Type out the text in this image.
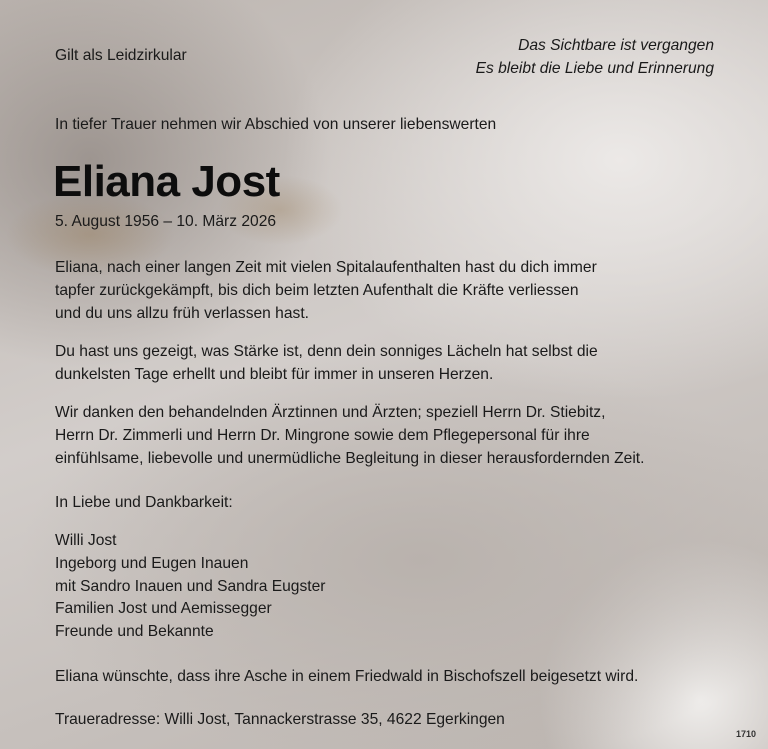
Gilt als Leidzirkular
Das Sichtbare ist vergangen
Es bleibt die Liebe und Erinnerung
In tiefer Trauer nehmen wir Abschied von unserer liebenswerten
Eliana Jost
5. August 1956 – 10. März 2026
Eliana, nach einer langen Zeit mit vielen Spitalaufenthalten hast du dich immer
tapfer zurückgekämpft, bis dich beim letzten Aufenthalt die Kräfte verliessen
und du uns allzu früh verlassen hast.
Du hast uns gezeigt, was Stärke ist, denn dein sonniges Lächeln hat selbst die
dunkelsten Tage erhellt und bleibt für immer in unseren Herzen.
Wir danken den behandelnden Ärztinnen und Ärzten; speziell Herrn Dr. Stiebitz,
Herrn Dr. Zimmerli und Herrn Dr. Mingrone sowie dem Pflegepersonal für ihre
einfühlsame, liebevolle und unermüdliche Begleitung in dieser herausfordernden Zeit.
In Liebe und Dankbarkeit:
Willi Jost
Ingeborg und Eugen Inauen
mit Sandro Inauen und Sandra Eugster
Familien Jost und Aemissegger
Freunde und Bekannte
Eliana wünschte, dass ihre Asche in einem Friedwald in Bischofszell beigesetzt wird.
Traueradresse: Willi Jost, Tannackerstrasse 35, 4622 Egerkingen
1710
